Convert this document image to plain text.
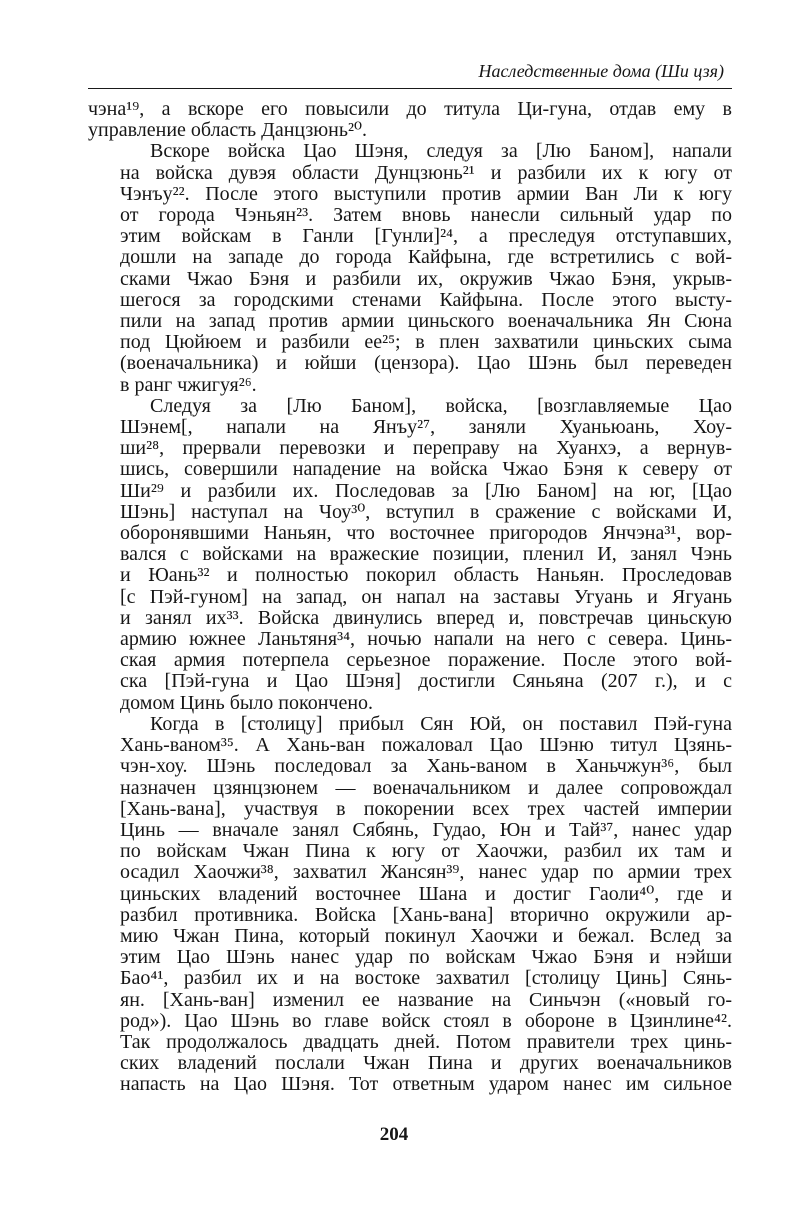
Наследственные дома (Ши цзя)

чэна¹⁹, а вскоре его повысили до титула Ци-гуна, отдав ему в
управление область Данцзюнь²⁰.

Вскоре войска Цао Шэня, следуя за [Лю Баном], напали
на войска дувэя области Дунцзюнь²¹ и разбили их к югу от
Чэнъу²². После этого выступили против армии Ван Ли к югу
от города Чэньян²³. Затем вновь нанесли сильный удар по
этим войскам в Ганли [Гунли]²⁴, а преследуя отступавших,
дошли на западе до города Кайфына, где встретились с вой-
сками Чжао Бэня и разбили их, окружив Чжао Бэня, укрыв-
шегося за городскими стенами Кайфына. После этого высту-
пили на запад против армии циньского военачальника Ян Сюна
под Цюйюем и разбили ее²⁵; в плен захватили циньских сыма
(военачальника) и юйши (цензора). Цао Шэнь был переведен
в ранг чжигуя²⁶.

Следуя за [Лю Баном], войска, [возглавляемые Цао
Шэнем[, напали на Янъу²⁷, заняли Хуаньюань, Хоу-
ши²⁸, прервали перевозки и переправу на Хуанхэ, а вернув-
шись, совершили нападение на войска Чжао Бэня к северу от
Ши²⁹ и разбили их. Последовав за [Лю Баном] на юг, [Цао
Шэнь] наступал на Чоу³⁰, вступил в сражение с войсками И,
оборонявшими Наньян, что восточнее пригородов Янчэна³¹, вор-
вался с войсками на вражеские позиции, пленил И, занял Чэнь
и Юань³² и полностью покорил область Наньян. Проследовав
[с Пэй-гуном] на запад, он напал на заставы Угуань и Ягуань
и занял их³³. Войска двинулись вперед и, повстречав циньскую
армию южнее Ланьтяня³⁴, ночью напали на него с севера. Цинь-
ская армия потерпела серьезное поражение. После этого вой-
ска [Пэй-гуна и Цао Шэня] достигли Сяньяна (207 г.), и с
домом Цинь было покончено.

Когда в [столицу] прибыл Сян Юй, он поставил Пэй-гуна
Хань-ваном³⁵. А Хань-ван пожаловал Цао Шэню титул Цзянь-
чэн-хоу. Шэнь последовал за Хань-ваном в Ханьчжун³⁶, был
назначен цзянцзюнем — военачальником и далее сопровождал
[Хань-вана], участвуя в покорении всех трех частей империи
Цинь — вначале занял Сябянь, Гудао, Юн и Тай³⁷, нанес удар
по войскам Чжан Пина к югу от Хаочжи, разбил их там и
осадил Хаочжи³⁸, захватил Жансян³⁹, нанес удар по армии трех
циньских владений восточнее Шана и достиг Гаоли⁴⁰, где и
разбил противника. Войска [Хань-вана] вторично окружили ар-
мию Чжан Пина, который покинул Хаочжи и бежал. Вслед за
этим Цао Шэнь нанес удар по войскам Чжао Бэня и нэйши
Бао⁴¹, разбил их и на востоке захватил [столицу Цинь] Сянь-
ян. [Хань-ван] изменил ее название на Синьчэн («новый го-
род»). Цао Шэнь во главе войск стоял в обороне в Цзинлине⁴².
Так продолжалось двадцать дней. Потом правители трех цинь-
ских владений послали Чжан Пина и других военачальников
напасть на Цао Шэня. Тот ответным ударом нанес им сильное

204
